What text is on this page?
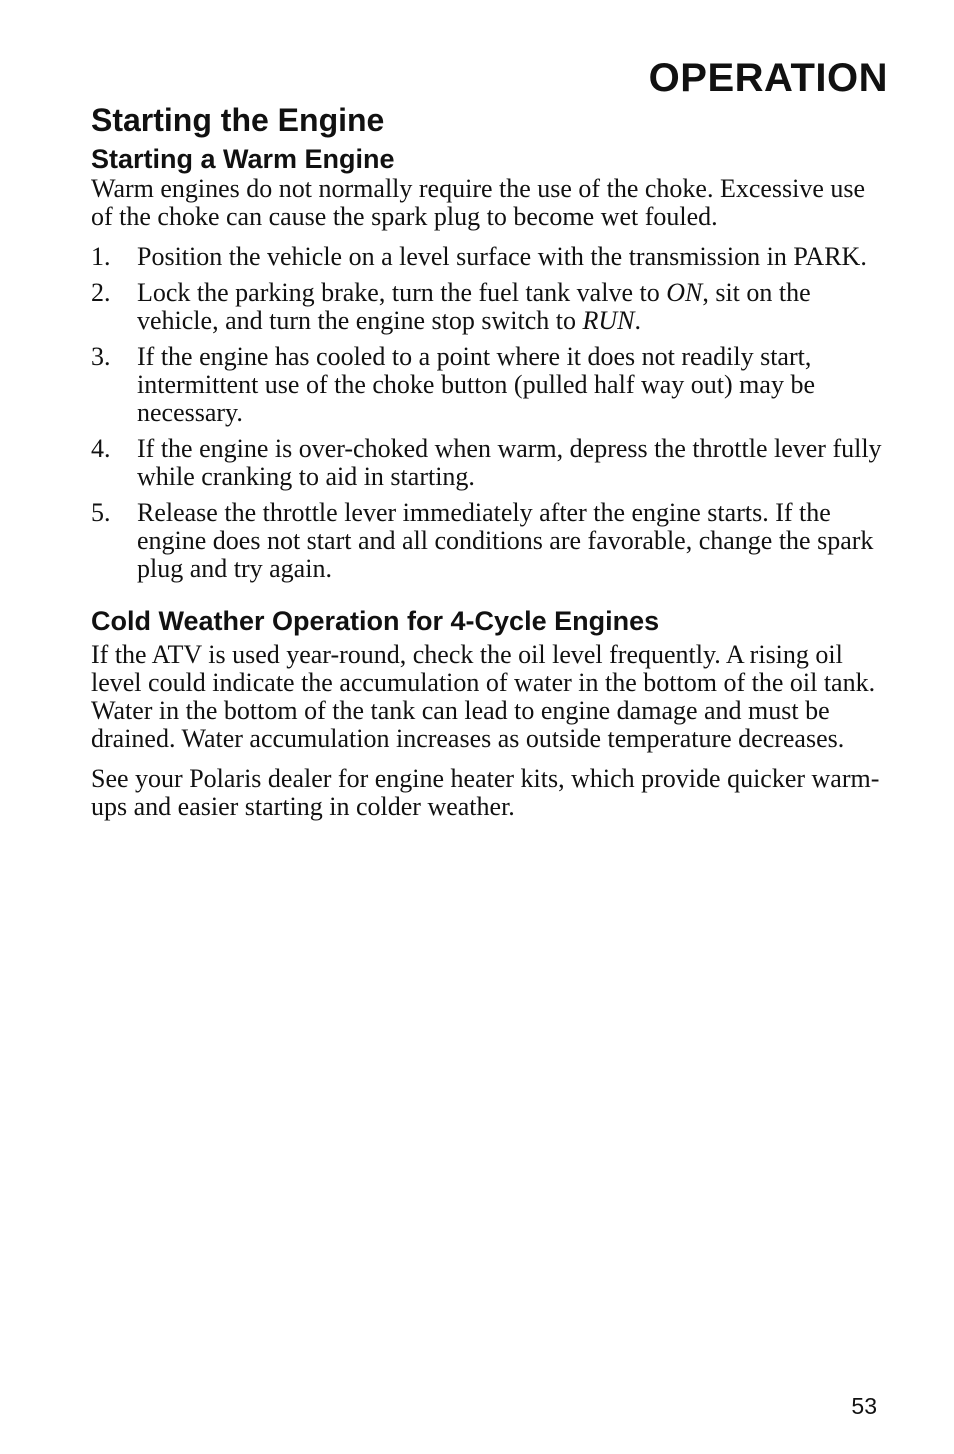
OPERATION
Starting the Engine
Starting a Warm Engine

Warm engines do not normally require the use of the choke. Excessive use of the choke can cause the spark plug to become wet fouled.

1. Position the vehicle on a level surface with the transmission in PARK.
2. Lock the parking brake, turn the fuel tank valve to ON, sit on the vehicle, and turn the engine stop switch to RUN.
3. If the engine has cooled to a point where it does not readily start, intermittent use of the choke button (pulled half way out) may be necessary.
4. If the engine is over-choked when warm, depress the throttle lever fully while cranking to aid in starting.
5. Release the throttle lever immediately after the engine starts. If the engine does not start and all conditions are favorable, change the spark plug and try again.
Cold Weather Operation for 4-Cycle Engines

If the ATV is used year-round, check the oil level frequently. A rising oil level could indicate the accumulation of water in the bottom of the oil tank. Water in the bottom of the tank can lead to engine damage and must be drained. Water accumulation increases as outside temperature decreases.

See your Polaris dealer for engine heater kits, which provide quicker warm-ups and easier starting in colder weather.

53
